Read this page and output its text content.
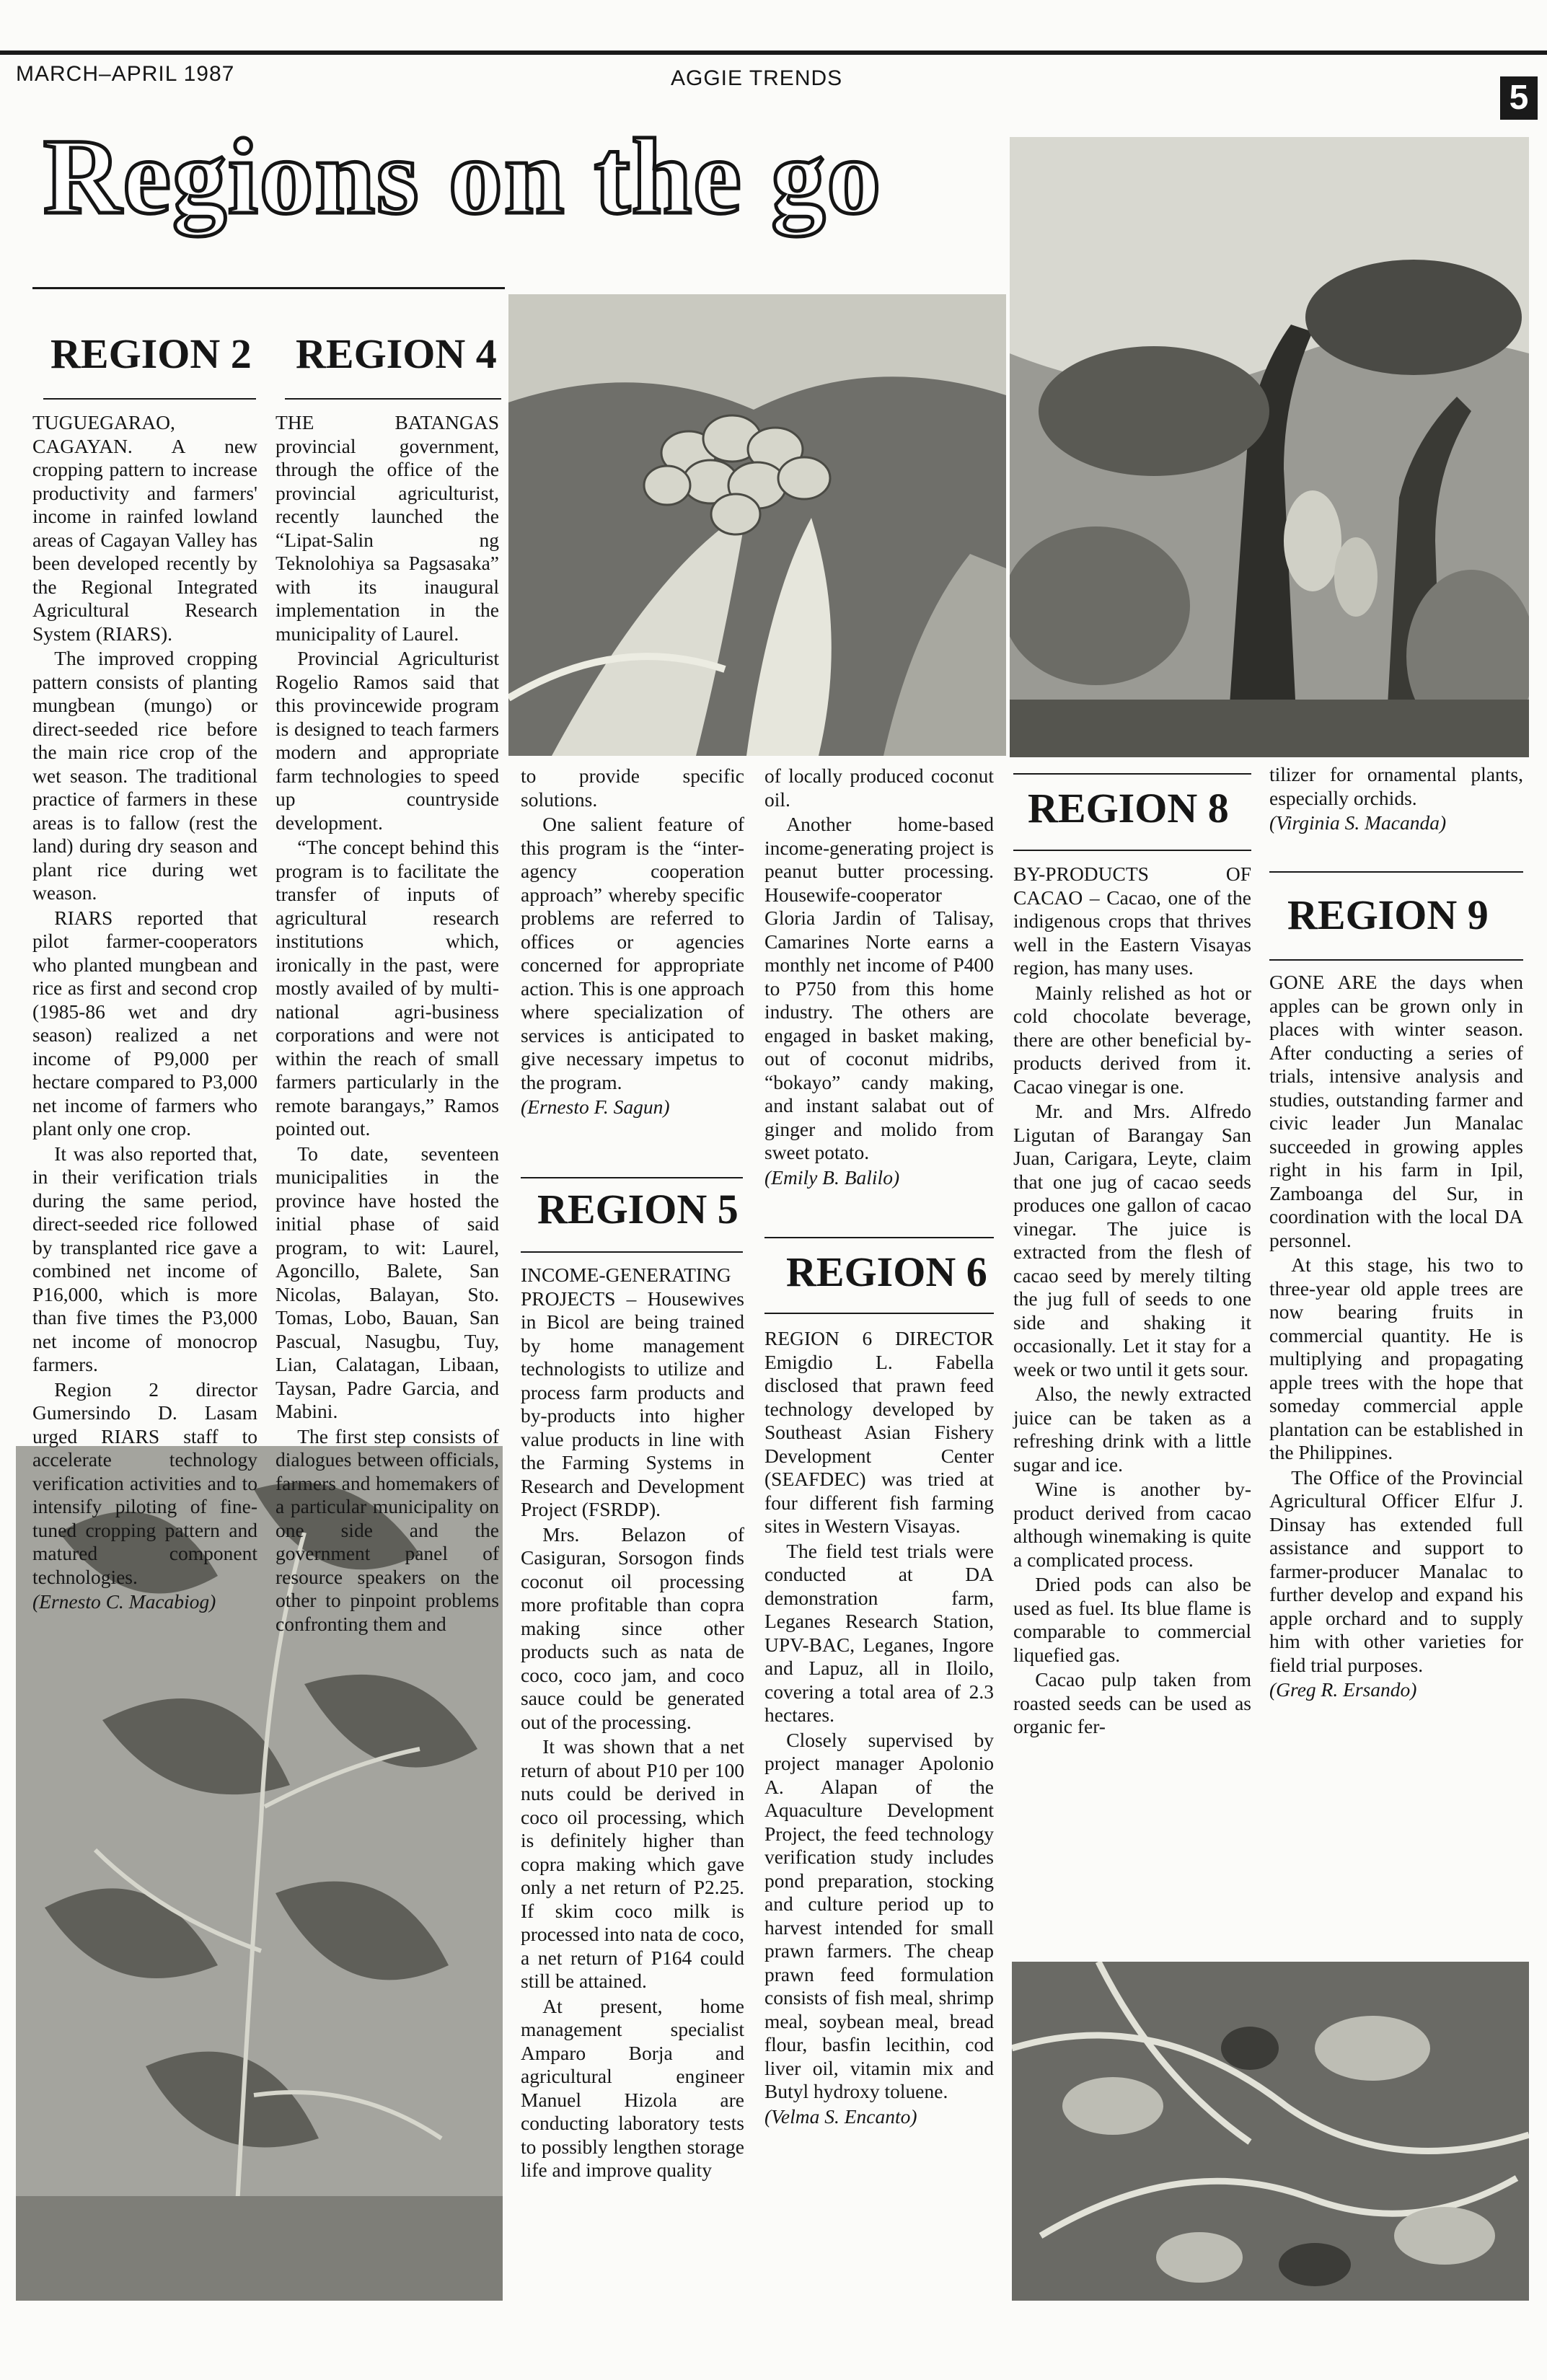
MARCH–APRIL 1987	AGGIE TRENDS
5
Regions on the go
REGION 2 REGION 4

TUGUEGARAO, CAGAYAN. A new cropping pattern to increase productivity and farmers' income in rainfed lowland areas of Cagayan Valley has been developed recently by the Regional Integrated Agricultural Research System (RIARS).

The improved cropping pattern consists of planting mungbean (mungo) or direct-seeded rice before the main rice crop of the wet season. The traditional practice of farmers in these areas is to fallow (rest the land) during dry season and plant rice during wet weason.

RIARS reported that pilot farmer-cooperators who planted mungbean and rice as first and second crop (1985-86 wet and dry season) realized a net income of P9,000 per hectare compared to P3,000 net income of farmers who plant only one crop.

It was also reported that, in their verification trials during the same period, direct-seeded rice followed by transplanted rice gave a combined net income of P16,000, which is more than five times the P3,000 net income of monocrop farmers.

Region 2 director Gumersindo D. Lasam urged RIARS staff to accelerate technology verification activities and to intensify piloting of fine-tuned cropping pattern and matured component technologies.

(Ernesto C. Macabiog)

THE BATANGAS provincial government, through the office of the provincial agriculturist, recently launched the “Lipat-Salin ng Teknolohiya sa Pagsasaka” with its inaugural implementation in the municipality of Laurel.

Provincial Agriculturist Rogelio Ramos said that this provincewide program is designed to teach farmers modern and appropriate farm technologies to speed up countryside development.

“The concept behind this program is to facilitate the transfer of inputs of agricultural research institutions which, ironically in the past, were mostly availed of by multi-national agri-business corporations and were not within the reach of small farmers particularly in the remote barangays,” Ramos pointed out.

To date, seventeen municipalities in the province have hosted the initial phase of said program, to wit: Laurel, Agoncillo, Balete, San Nicolas, Balayan, Sto. Tomas, Lobo, Bauan, San Pascual, Nasugbu, Tuy, Lian, Calatagan, Libaan, Taysan, Padre Garcia, and Mabini.

The first step consists of dialogues between officials, farmers and homemakers of a particular municipality on one side and the government panel of resource speakers on the other to pinpoint problems confronting them and

to provide specific solutions.

One salient feature of this program is the “inter-agency cooperation approach” whereby specific problems are referred to offices or agencies concerned for appropriate action. This is one approach where specialization of services is anticipated to give necessary impetus to the program.

(Ernesto F. Sagun)

REGION 5

INCOME-GENERATING PROJECTS – Housewives in Bicol are being trained by home management technologists to utilize and process farm products and by-products into higher value products in line with the Farming Systems in Research and Development Project (FSRDP).

Mrs. Belazon of Casiguran, Sorsogon finds coconut oil processing more profitable than copra making since other products such as nata de coco, coco jam, and coco sauce could be generated out of the processing.

It was shown that a net return of about P10 per 100 nuts could be derived in coco oil processing, which is definitely higher than copra making which gave only a net return of P2.25. If skim coco milk is processed into nata de coco, a net return of P164 could still be attained.

At present, home management specialist Amparo Borja and agricultural engineer Manuel Hizola are conducting laboratory tests to possibly lengthen storage life and improve quality

of locally produced coconut oil.

Another home-based income-generating project is peanut butter processing. Housewife-cooperator Gloria Jardin of Talisay, Camarines Norte earns a monthly net income of P400 to P750 from this home industry. The others are engaged in basket making, out of coconut midribs, “bokayo” candy making, and instant salabat out of ginger and molido from sweet potato.

(Emily B. Balilo)

REGION 6

REGION 6 DIRECTOR Emigdio L. Fabella disclosed that prawn feed technology developed by Southeast Asian Fishery Development Center (SEAFDEC) was tried at four different fish farming sites in Western Visayas.

The field test trials were conducted at DA demonstration farm, Leganes Research Station, UPV-BAC, Leganes, Ingore and Lapuz, all in Iloilo, covering a total area of 2.3 hectares.

Closely supervised by project manager Apolonio A. Alapan of the Aquaculture Development Project, the feed technology verification study includes pond preparation, stocking and culture period up to harvest intended for small prawn farmers. The cheap prawn feed formulation consists of fish meal, shrimp meal, soybean meal, bread flour, basfin lecithin, cod liver oil, vitamin mix and Butyl hydroxy toluene.

(Velma S. Encanto)

REGION 8

BY-PRODUCTS OF CACAO – Cacao, one of the indigenous crops that thrives well in the Eastern Visayas region, has many uses.

Mainly relished as hot or cold chocolate beverage, there are other beneficial by-products derived from it. Cacao vinegar is one.

Mr. and Mrs. Alfredo Ligutan of Barangay San Juan, Carigara, Leyte, claim that one jug of cacao seeds produces one gallon of cacao vinegar. The juice is extracted from the flesh of cacao seed by merely tilting the jug full of seeds to one side and shaking it occasionally. Let it stay for a week or two until it gets sour.

Also, the newly extracted juice can be taken as a refreshing drink with a little sugar and ice.

Wine is another by-product derived from cacao although winemaking is quite a complicated process.

Dried pods can also be used as fuel. Its blue flame is comparable to commercial liquefied gas.

Cacao pulp taken from roasted seeds can be used as organic fer-

tilizer for ornamental plants, especially orchids.

(Virginia S. Macanda)

REGION 9

GONE ARE the days when apples can be grown only in places with winter season. After conducting a series of trials, intensive analysis and studies, outstanding farmer and civic leader Jun Manalac succeeded in growing apples right in his farm in Ipil, Zamboanga del Sur, in coordination with the local DA personnel.

At this stage, his two to three-year old apple trees are now bearing fruits in commercial quantity. He is multiplying and propagating apple trees with the hope that someday commercial apple plantation can be established in the Philippines.

The Office of the Provincial Agricultural Officer Elfur J. Dinsay has extended full assistance and support to farmer-producer Manalac to further develop and expand his apple orchard and to supply him with other varieties for field trial purposes.

(Greg R. Ersando)
